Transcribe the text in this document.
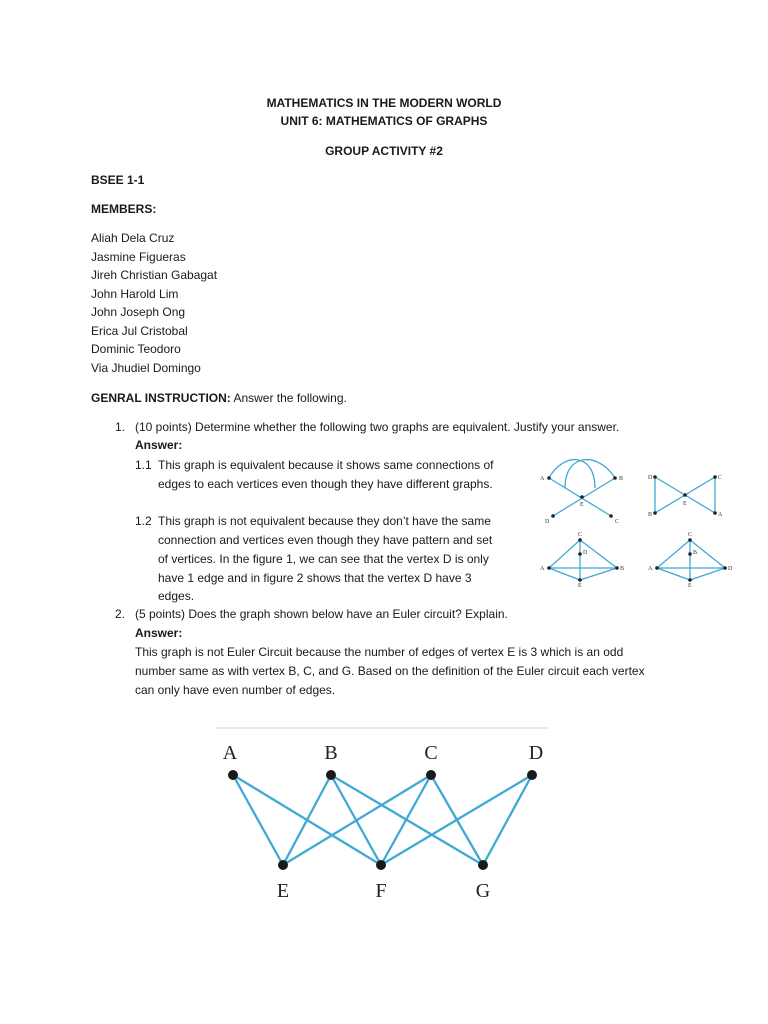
MATHEMATICS IN THE MODERN WORLD
UNIT 6: MATHEMATICS OF GRAPHS
GROUP ACTIVITY #2
BSEE 1-1
MEMBERS:
Aliah Dela Cruz
Jasmine Figueras
Jireh Christian Gabagat
John Harold Lim
John Joseph Ong
Erica Jul Cristobal
Dominic Teodoro
Via Jhudiel Domingo
GENRAL INSTRUCTION: Answer the following.
1. (10 points) Determine whether the following two graphs are equivalent. Justify your answer.
Answer:
1.1 This graph is equivalent because it shows same connections of
edges to each vertices even though they have different graphs.
1.2 This graph is not equivalent because they don’t have the same
connection and vertices even though they have pattern and set
of vertices. In the figure 1, we can see that the vertex D is only
have 1 edge and in figure 2 shows that the vertex D have 3
edges.
2. (5 points) Does the graph shown below have an Euler circuit? Explain.
Answer:
This graph is not Euler Circuit because the number of edges of vertex E is 3 which is an odd
number same as with vertex B, C, and G. Based on the definition of the Euler circuit each vertex
can only have even number of edges.
A	B
C
D
E
D	C
E
B	A
C
D
A	B
E
C
B
A	D
E
A	B	C	D
E	F	G
